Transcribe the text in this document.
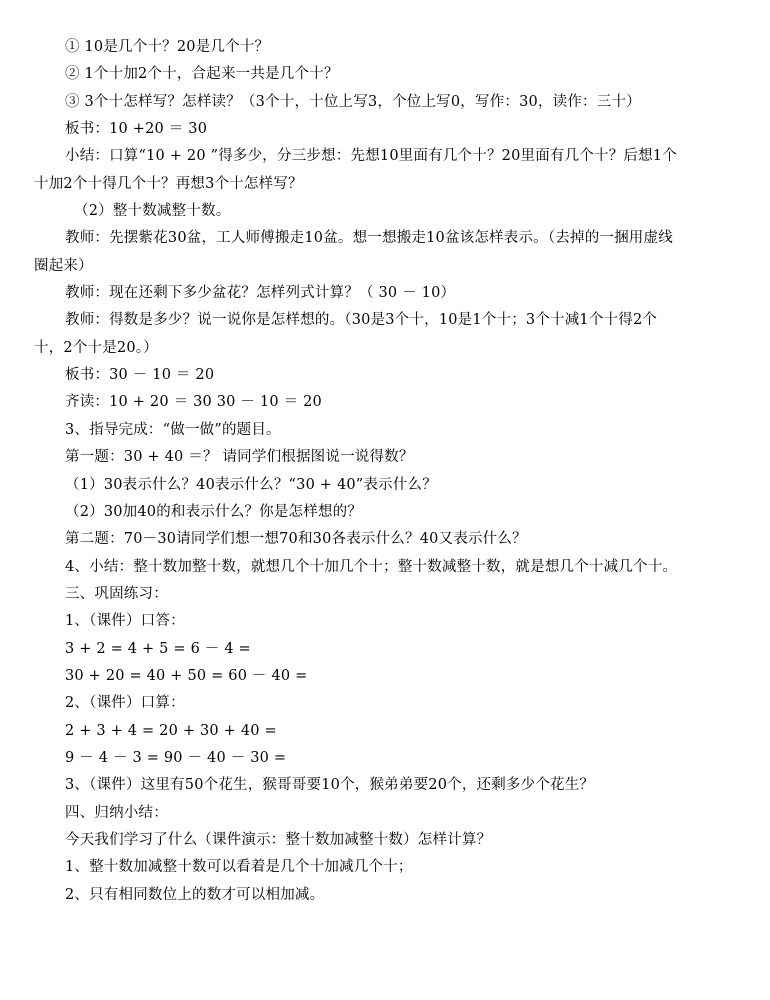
① 10是几个十？20是几个十？
② 1个十加2个十，合起来一共是几个十？
③ 3个十怎样写？怎样读？（3个十，十位上写3，个位上写0，写作：30，读作：三十）
板书：10 +20 ＝ 30
小结：口算“10 + 20 ”得多少，分三步想：先想10里面有几个十？20里面有几个十？后想1个
十加2个十得几个十？再想3个十怎样写？
（2）整十数减整十数。
教师：先摆紫花30盆，工人师傅搬走10盆。想一想搬走10盆该怎样表示。（去掉的一捆用虚线
圈起来）
教师：现在还剩下多少盆花？怎样列式计算？（ 30 － 10）
教师：得数是多少？说一说你是怎样想的。（30是3个十，10是1个十；3个十减1个十得2个
十，2个十是20。）
板书：30 － 10 ＝ 20
齐读：10 + 20 ＝ 30 30 － 10 ＝ 20
3、指导完成：“做一做”的题目。
第一题：30 + 40 ＝？ 请同学们根据图说一说得数？
（1）30表示什么？40表示什么？“30 + 40”表示什么？
（2）30加40的和表示什么？你是怎样想的？
第二题：70－30请同学们想一想70和30各表示什么？40又表示什么？
4、小结：整十数加整十数，就想几个十加几个十；整十数减整十数，就是想几个十减几个十。
三、巩固练习：
1、（课件）口答：
3 + 2 = 4 + 5 = 6 － 4 =
30 + 20 = 40 + 50 = 60 － 40 =
2、（课件）口算：
2 + 3 + 4 = 20 + 30 + 40 =
9 － 4 － 3 = 90 － 40 － 30 =
3、（课件）这里有50个花生，猴哥哥要10个，猴弟弟要20个，还剩多少个花生？
四、归纳小结：
今天我们学习了什么（课件演示：整十数加减整十数）怎样计算？
1、整十数加减整十数可以看着是几个十加减几个十；
2、只有相同数位上的数才可以相加减。
